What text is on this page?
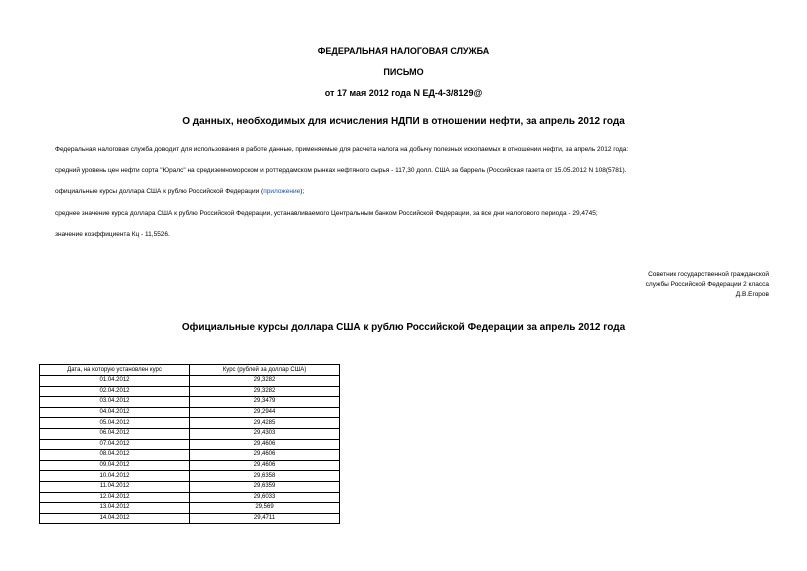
ФЕДЕРАЛЬНАЯ НАЛОГОВАЯ СЛУЖБА
ПИСЬМО
от 17 мая 2012 года N ЕД-4-3/8129@
О данных, необходимых для исчисления НДПИ в отношении нефти, за апрель 2012 года
Федеральная налоговая служба доводит для использования в работе данные, применяемые для расчета налога на добычу полезных ископаемых в отношении нефти, за апрель 2012 года:
средний уровень цен нефти сорта "Юралс" на средиземноморском и роттердамском рынках нефтяного сырья - 117,30 долл. США за баррель (Российская газета от 15.05.2012 N 108(5781).
официальные курсы доллара США к рублю Российской Федерации (приложение);
среднее значение курса доллара США к рублю Российской Федерации, устанавливаемого Центральным банком Российской Федерации, за все дни налогового периода - 29,4745;
значение коэффициента Кц - 11,5526.
Советник государственной гражданской
службы Российской Федерации 2 класса
Д.В.Егоров
Официальные курсы доллара США к рублю Российской Федерации за апрель 2012 года
Дата, на которую установлен курс	Курс (рублей за доллар США)
01.04.2012	29,3282
02.04.2012	29,3282
03.04.2012	29,3479
04.04.2012	29,2944
05.04.2012	29,4285
06.04.2012	29,4303
07.04.2012	29,4606
08.04.2012	29,4606
09.04.2012	29,4606
10.04.2012	29,6358
11.04.2012	29,6359
12.04.2012	29,6033
13.04.2012	29,569
14.04.2012	29,4711
